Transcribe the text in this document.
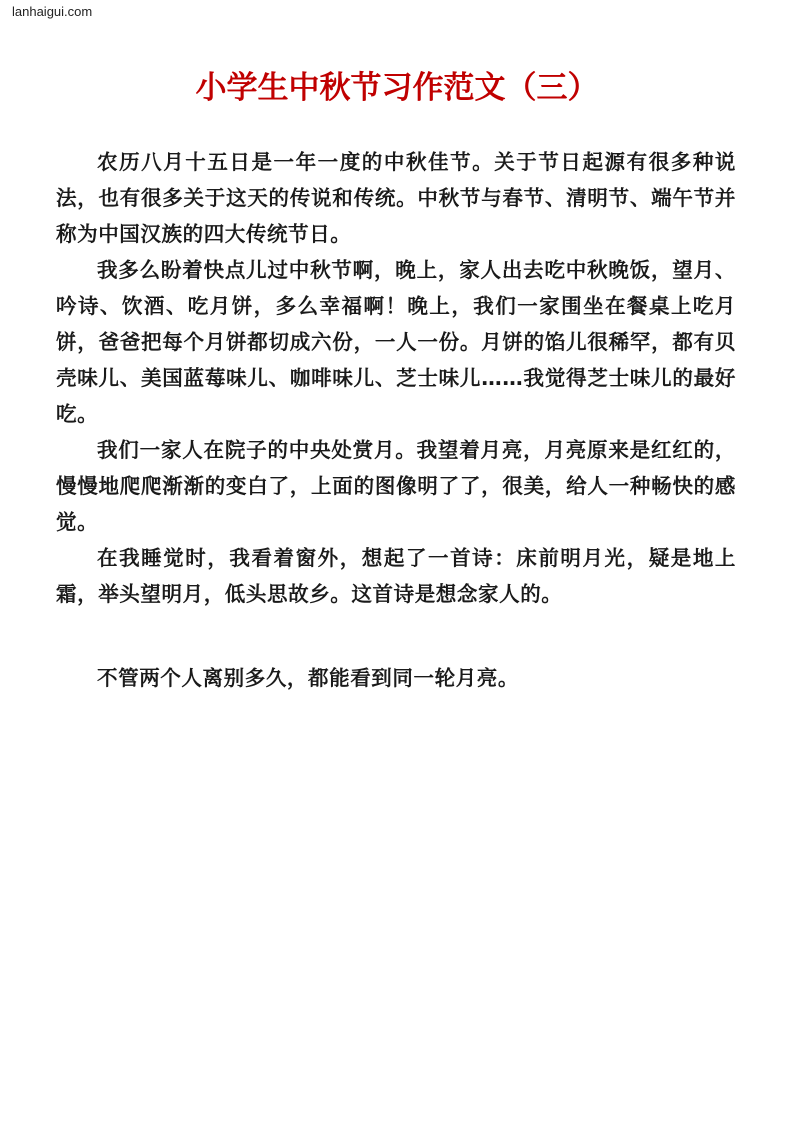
lanhaigui.com
小学生中秋节习作范文（三）

农历八月十五日是一年一度的中秋佳节。关于节日起源有很多种说法，也有很多关于这天的传说和传统。中秋节与春节、清明节、端午节并称为中国汉族的四大传统节日。

我多么盼着快点儿过中秋节啊，晚上，家人出去吃中秋晚饭，望月、吟诗、饮酒、吃月饼，多么幸福啊！晚上，我们一家围坐在餐桌上吃月饼，爸爸把每个月饼都切成六份，一人一份。月饼的馅儿很稀罕，都有贝壳味儿、美国蓝莓味儿、咖啡味儿、芝士味儿……我觉得芝士味儿的最好吃。

我们一家人在院子的中央处赏月。我望着月亮，月亮原来是红红的，慢慢地爬爬渐渐的变白了，上面的图像明了了，很美，给人一种畅快的感觉。

在我睡觉时，我看着窗外，想起了一首诗：床前明月光，疑是地上霜，举头望明月，低头思故乡。这首诗是想念家人的。

不管两个人离别多久，都能看到同一轮月亮。
